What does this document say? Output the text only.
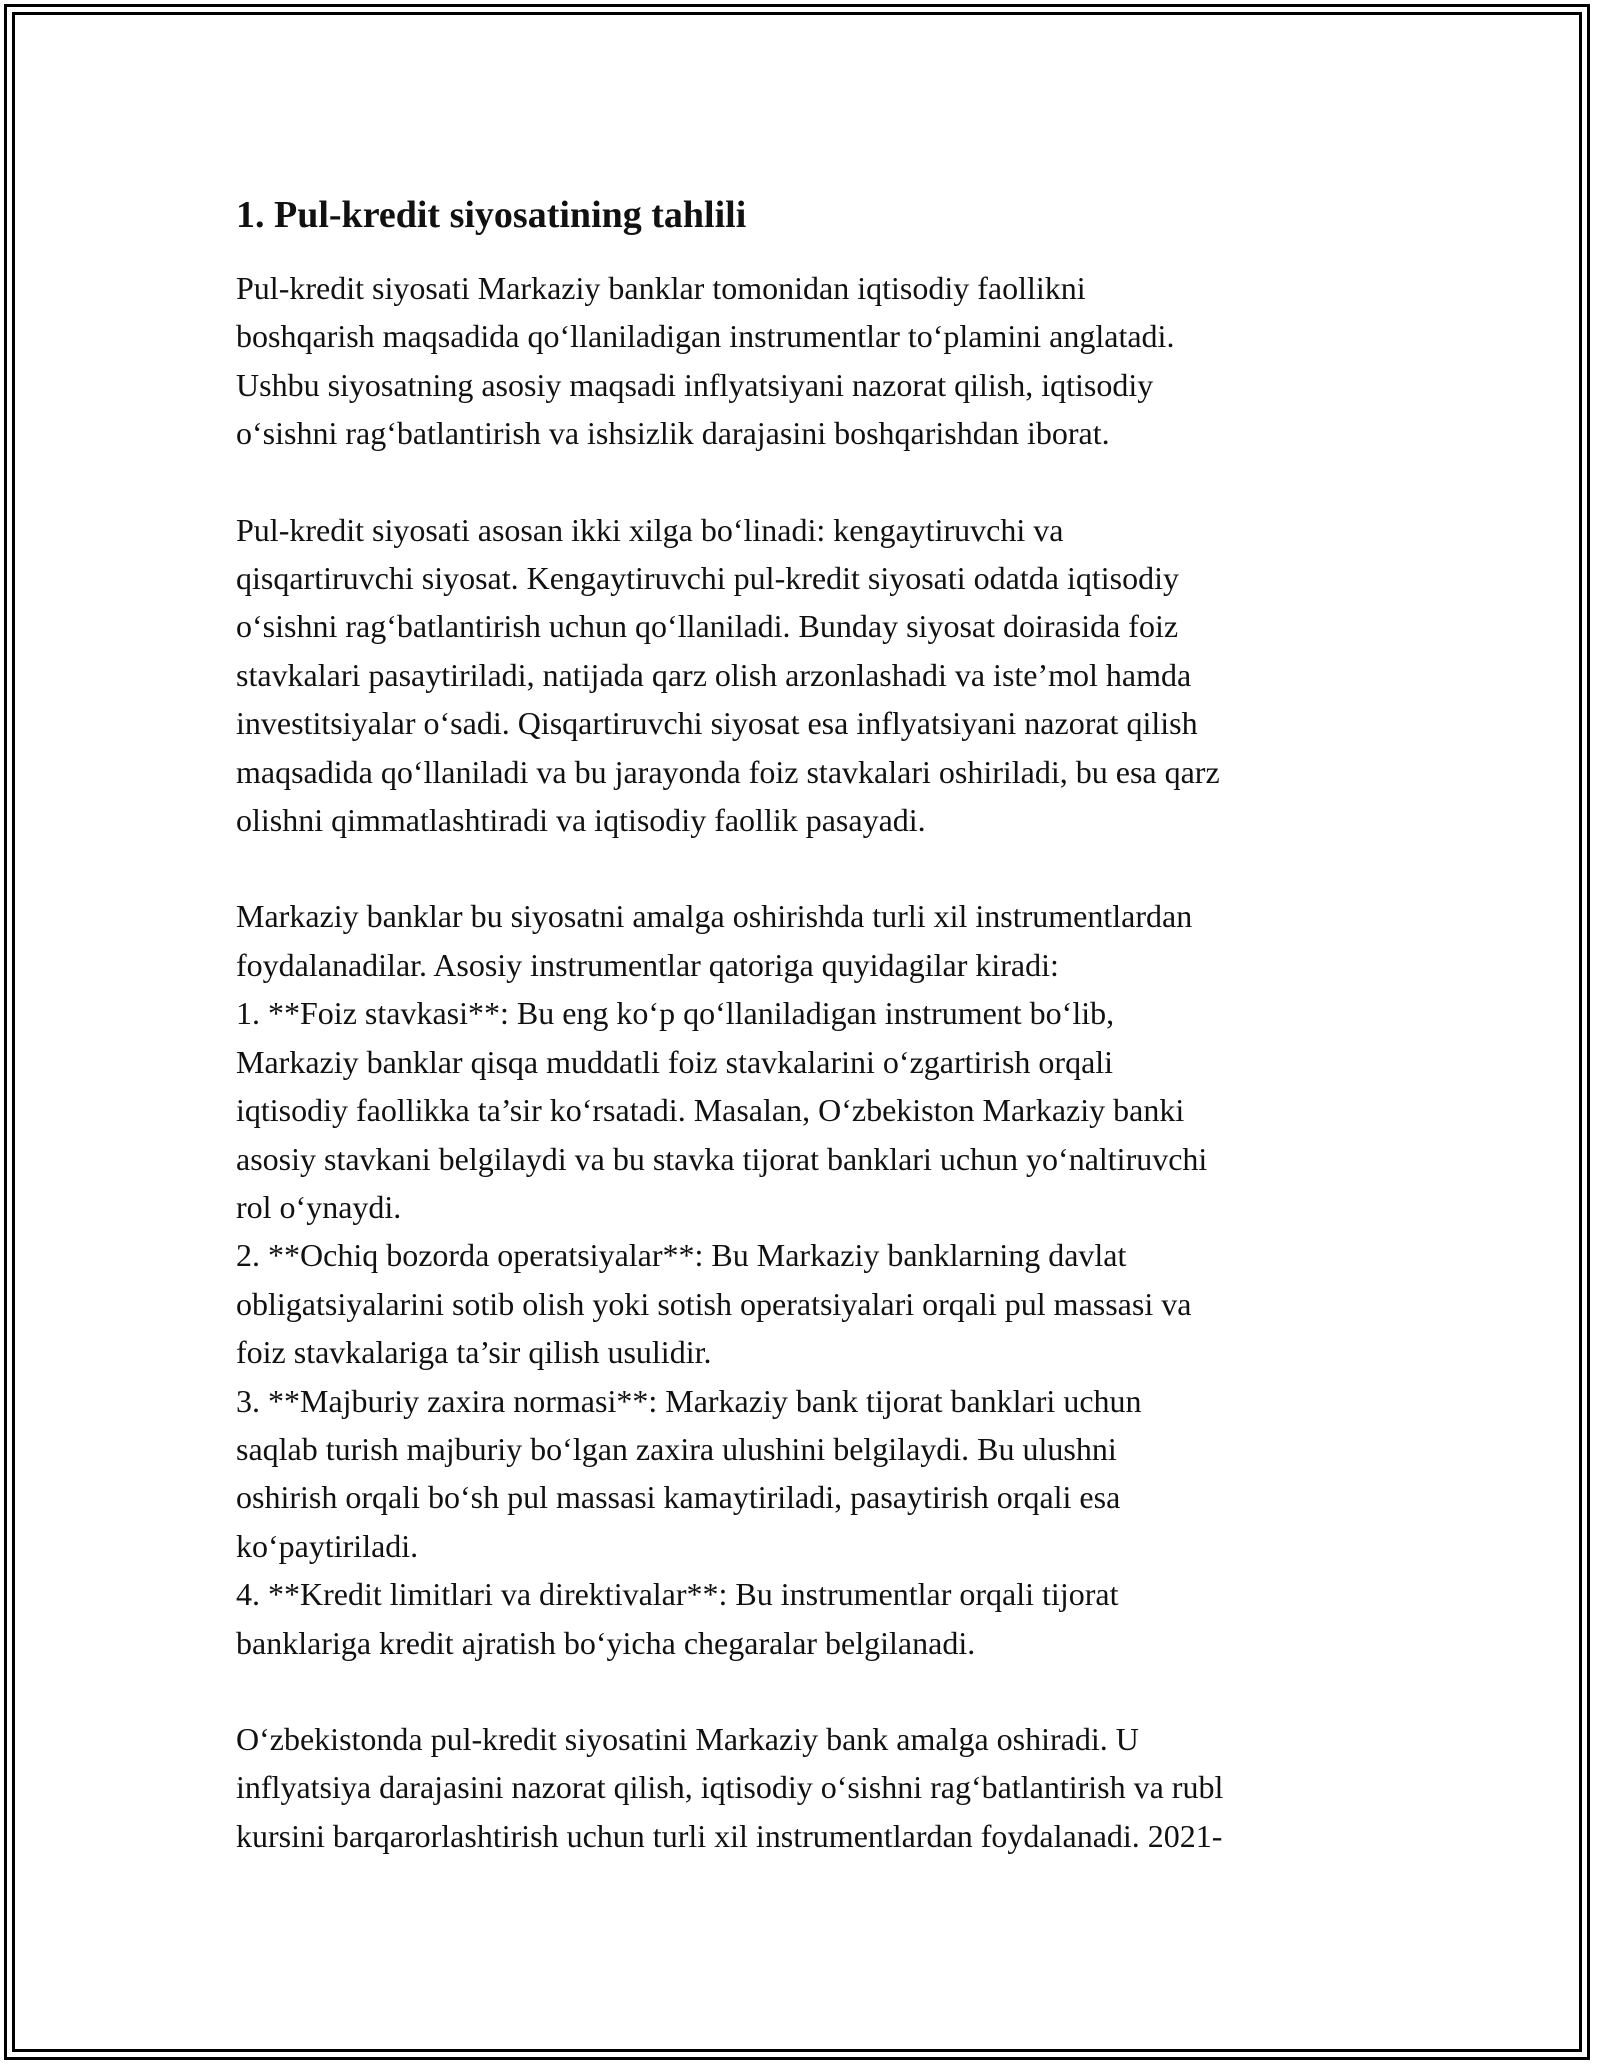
1. Pul-kredit siyosatining tahlili

Pul-kredit siyosati Markaziy banklar tomonidan iqtisodiy faollikni
boshqarish maqsadida qo‘llaniladigan instrumentlar to‘plamini anglatadi.
Ushbu siyosatning asosiy maqsadi inflyatsiyani nazorat qilish, iqtisodiy
o‘sishni rag‘batlantirish va ishsizlik darajasini boshqarishdan iborat.

Pul-kredit siyosati asosan ikki xilga bo‘linadi: kengaytiruvchi va
qisqartiruvchi siyosat. Kengaytiruvchi pul-kredit siyosati odatda iqtisodiy
o‘sishni rag‘batlantirish uchun qo‘llaniladi. Bunday siyosat doirasida foiz
stavkalari pasaytiriladi, natijada qarz olish arzonlashadi va iste’mol hamda
investitsiyalar o‘sadi. Qisqartiruvchi siyosat esa inflyatsiyani nazorat qilish
maqsadida qo‘llaniladi va bu jarayonda foiz stavkalari oshiriladi, bu esa qarz
olishni qimmatlashtiradi va iqtisodiy faollik pasayadi.

Markaziy banklar bu siyosatni amalga oshirishda turli xil instrumentlardan
foydalanadilar. Asosiy instrumentlar qatoriga quyidagilar kiradi:
1. **Foiz stavkasi**: Bu eng ko‘p qo‘llaniladigan instrument bo‘lib,
Markaziy banklar qisqa muddatli foiz stavkalarini o‘zgartirish orqali
iqtisodiy faollikka ta’sir ko‘rsatadi. Masalan, O‘zbekiston Markaziy banki
asosiy stavkani belgilaydi va bu stavka tijorat banklari uchun yo‘naltiruvchi
rol o‘ynaydi.
2. **Ochiq bozorda operatsiyalar**: Bu Markaziy banklarning davlat
obligatsiyalarini sotib olish yoki sotish operatsiyalari orqali pul massasi va
foiz stavkalariga ta’sir qilish usulidir.
3. **Majburiy zaxira normasi**: Markaziy bank tijorat banklari uchun
saqlab turish majburiy bo‘lgan zaxira ulushini belgilaydi. Bu ulushni
oshirish orqali bo‘sh pul massasi kamaytiriladi, pasaytirish orqali esa
ko‘paytiriladi.
4. **Kredit limitlari va direktivalar**: Bu instrumentlar orqali tijorat
banklariga kredit ajratish bo‘yicha chegaralar belgilanadi.

O‘zbekistonda pul-kredit siyosatini Markaziy bank amalga oshiradi. U
inflyatsiya darajasini nazorat qilish, iqtisodiy o‘sishni rag‘batlantirish va rubl
kursini barqarorlashtirish uchun turli xil instrumentlardan foydalanadi. 2021-
